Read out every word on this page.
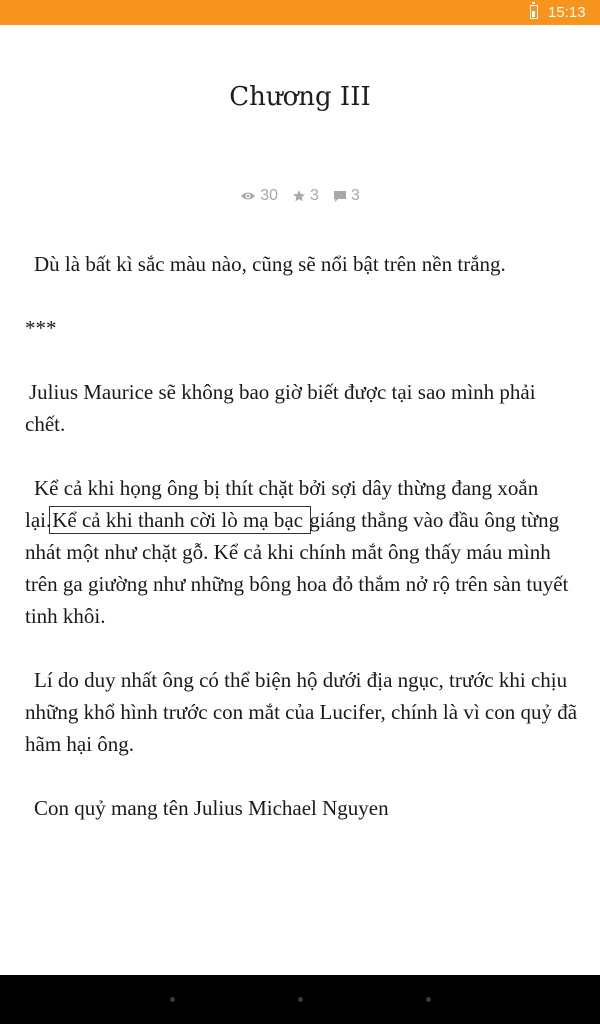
15:13
Chương III
30 3 3

Dù là bất kì sắc màu nào, cũng sẽ nổi bật trên nền trắng.

***

Julius Maurice sẽ không bao giờ biết được tại sao mình phải chết.

Kể cả khi họng ông bị thít chặt bởi sợi dây thừng đang xoắn lại.Kể cả khi thanh cời lò mạ bạc giáng thẳng vào đầu ông từng nhát một như chặt gỗ. Kể cả khi chính mắt ông thấy máu mình trên ga giường như những bông hoa đỏ thắm nở rộ trên sàn tuyết tinh khôi.

Lí do duy nhất ông có thể biện hộ dưới địa ngục, trước khi chịu những khổ hình trước con mắt của Lucifer, chính là vì con quỷ đã hãm hại ông.

Con quỷ mang tên Julius Michael Nguyen
